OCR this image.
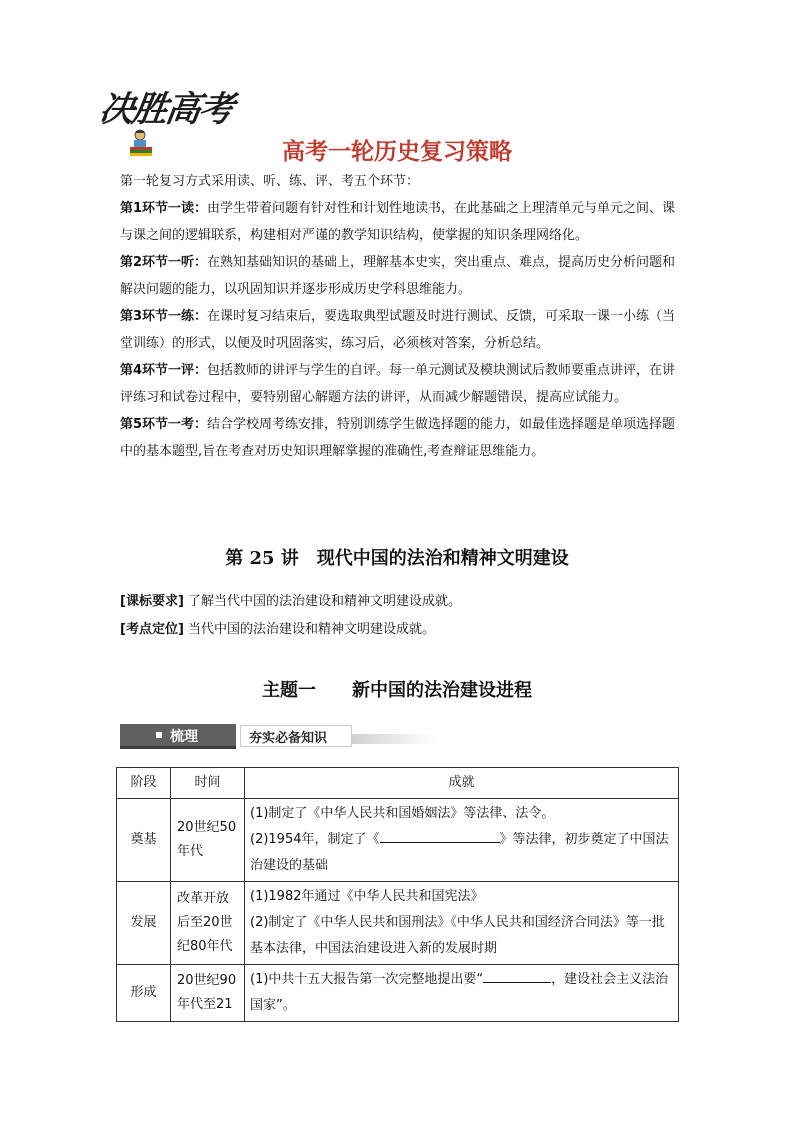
决胜高考
高考一轮历史复习策略

第一轮复习方式采用读、听、练、评、考五个环节：

第1环节一读：由学生带着问题有针对性和计划性地读书，在此基础之上理清单元与单元之间、课与课之间的逻辑联系，构建相对严谨的教学知识结构，使掌握的知识条理网络化。

第2环节一听：在熟知基础知识的基础上，理解基本史实，突出重点、难点，提高历史分析问题和解决问题的能力，以巩固知识并逐步形成历史学科思维能力。

第3环节一练：在课时复习结束后，要选取典型试题及时进行测试、反馈，可采取一课一小练（当堂训练）的形式，以便及时巩固落实，练习后，必须核对答案，分析总结。

第4环节一评：包括教师的讲评与学生的自评。每一单元测试及模块测试后教师要重点讲评，在讲评练习和试卷过程中，要特别留心解题方法的讲评，从而减少解题错误，提高应试能力。

第5环节一考：结合学校周考练安排，特别训练学生做选择题的能力，如最佳选择题是单项选择题中的基本题型,旨在考查对历史知识理解掌握的准确性,考查辩证思维能力。

第 25 讲　现代中国的法治和精神文明建设
[课标要求] 了解当代中国的法治建设和精神文明建设成就。
[考点定位] 当代中国的法治建设和精神文明建设成就。
主题一　　新中国的法治建设进程
梳理	夯实必备知识
阶段	时间	成就
奠基	20世纪50年代	(1)制定了《中华人民共和国婚姻法》等法律、法令。
(2)1954年，制定了《 》等法律，初步奠定了中国法治建设的基础

发展	改革开放后至20世纪80年代	(1)1982年通过《中华人民共和国宪法》
(2)制定了《中华人民共和国刑法》《中华人民共和国经济合同法》等一批基本法律，中国法治建设进入新的发展时期

形成	20世纪90年代至21	(1)中共十五大报告第一次完整地提出要“ ，建设社会主义法治国家”。
